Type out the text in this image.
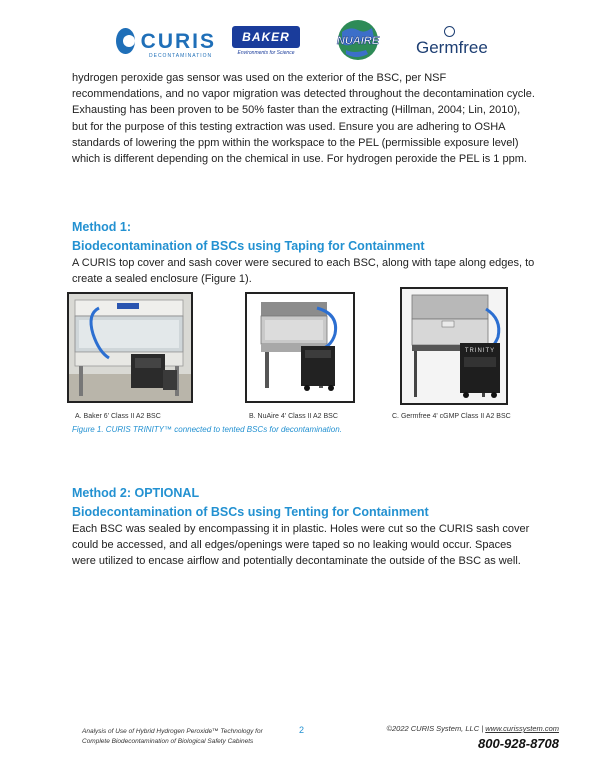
CURIS
DECONTAMINATION
BAKER
Environments for Science
NUAIRE Germfree

hydrogen peroxide gas sensor was used on the exterior of the BSC, per NSF recommendations, and no vapor migration was detected throughout the decontamination cycle. Exhausting has been proven to be 50% faster than the extracting (Hillman, 2004; Lin, 2010), but for the purpose of this testing extraction was used. Ensure you are adhering to OSHA standards of lowering the ppm within the workspace to the PEL (permissible exposure level) which is different depending on the chemical in use. For hydrogen peroxide the PEL is 1 ppm.

Method 1:
Biodecontamination of BSCs using Taping for Containment

A CURIS top cover and sash cover were secured to each BSC, along with tape along edges, to create a sealed enclosure (Figure 1).

TRINITY
A. Baker 6' Class II A2 BSC	B. NuAire 4' Class II A2 BSC	C. Germfree 4' cGMP Class II A2 BSC
Figure 1. CURIS TRINITY™ connected to tented BSCs for decontamination.
Method 2: OPTIONAL
Biodecontamination of BSCs using Tenting for Containment

Each BSC was sealed by encompassing it in plastic. Holes were cut so the CURIS sash cover could be accessed, and all edges/openings were taped so no leaking would occur. Spaces were utilized to encase airflow and potentially decontaminate the outside of the BSC as well.

Analysis of Use of Hybrid Hydrogen Peroxide™ Technology for
Complete Biodecontamination of Biological Safety Cabinets
2	©2022 CURIS System, LLC | www.curissystem.com
800-928-8708
